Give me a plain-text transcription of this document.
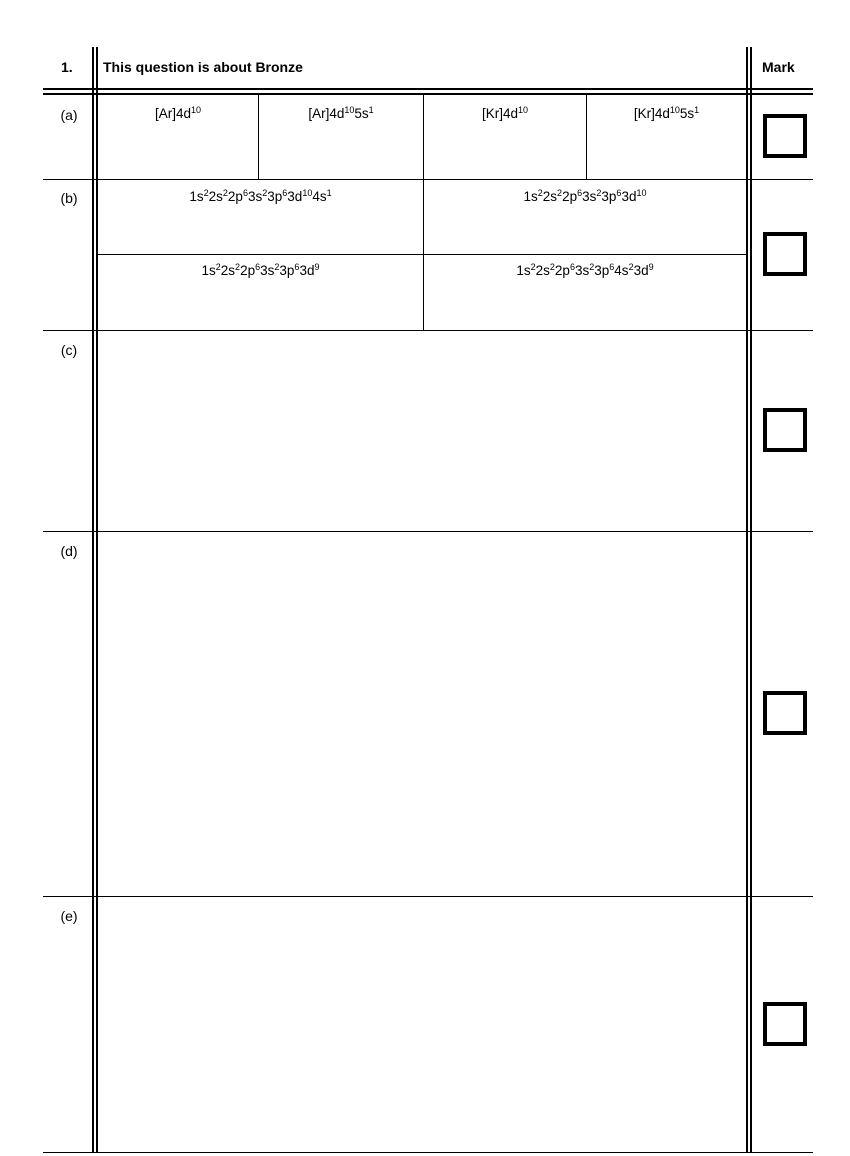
1. This question is about Bronze	Mark
(a)	$[Ar]4d^{10}$	$[Ar]4d^{10}5s^1$	$[Kr]4d^{10}$	$[Kr]4d^{10}5s^1$
(b)	$1s^22s^22p^63s^23p^63d^{10}4s^1$	$1s^22s^22p^63s^23p^63d^{10}$
$1s^22s^22p^63s^23p^63d^9$	$1s^22s^22p^63s^23p^64s^23d^9$
(c)
(d)
(e)
